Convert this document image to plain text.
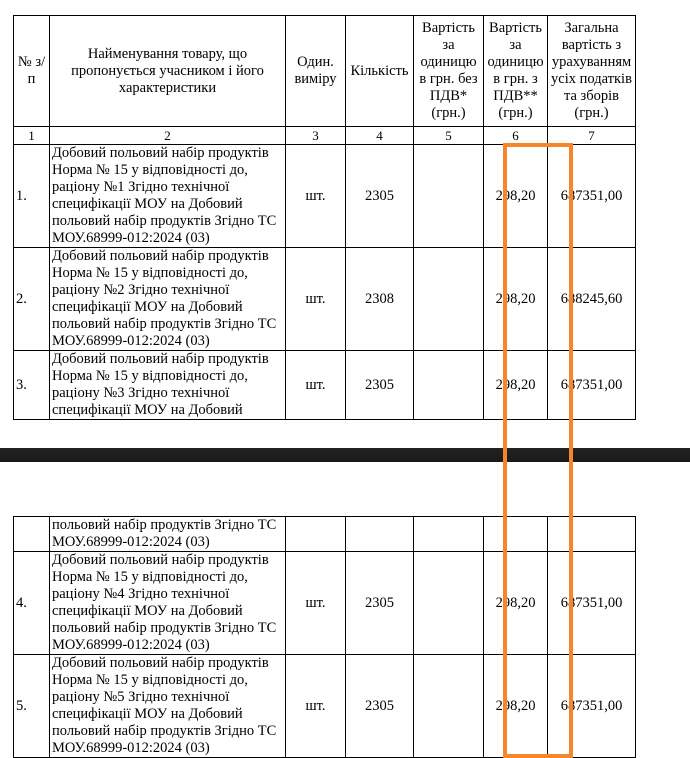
№ з/п	Найменування товару, що пропонується учасником і його характеристики	Один. виміру	Кількість	Вартість за одиницю в грн. без ПДВ* (грн.)	Вартість за одиницю в грн. з ПДВ** (грн.)	Загальна вартість з урахуванням усіх податків та зборів (грн.)
1	2	3	4	5	6	7
1.	Добовий польовий набір продуктів Норма № 15 у відповідності до, раціону №1 Згідно технічної специфікації МОУ на Добовий польовий набір продуктів Згідно ТС МОУ.68999-012:2024 (03)	шт.	2305		298,20	687351,00
2.	Добовий польовий набір продуктів Норма № 15 у відповідності до, раціону №2 Згідно технічної специфікації МОУ на Добовий польовий набір продуктів Згідно ТС МОУ.68999-012:2024 (03)	шт.	2308		298,20	688245,60
3.	Добовий польовий набір продуктів Норма № 15 у відповідності до, раціону №3 Згідно технічної специфікації МОУ на Добовий	шт.	2305		298,20	687351,00
	польовий набір продуктів Згідно ТС МОУ.68999-012:2024 (03)					
4.	Добовий польовий набір продуктів Норма № 15 у відповідності до, раціону №4 Згідно технічної специфікації МОУ на Добовий польовий набір продуктів Згідно ТС МОУ.68999-012:2024 (03)	шт.	2305		298,20	687351,00
5.	Добовий польовий набір продуктів Норма № 15 у відповідності до, раціону №5 Згідно технічної специфікації МОУ на Добовий польовий набір продуктів Згідно ТС МОУ.68999-012:2024 (03)	шт.	2305		298,20	687351,00
